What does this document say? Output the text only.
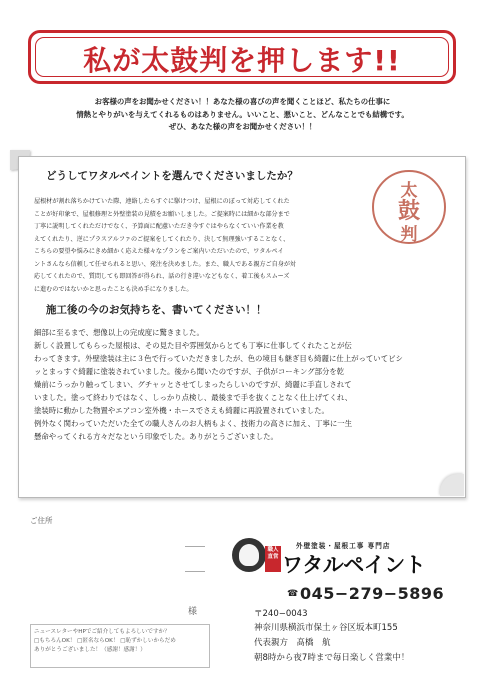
私が太鼓判を押します!!
お客様の声をお聞かせください！！あなた様の喜びの声を聞くことほど、私たちの仕事に
情熱とやりがいを与えてくれるものはありません。いいこと、悪いこと、どんなことでも結構です。
ぜひ、あなた様の声をお聞かせください！！
どうしてワタルペイントを選んでくださいましたか？
屋根材が割れ落ちかけていた際、連絡したらすぐに駆けつけ、屋根にのぼって対応してくれた
ことが好印象で、屋根修理と外壁塗装の見積をお願いしました。ご提案時には細かな部分まで
丁寧に説明してくれただけでなく、予算面に配慮いただき今すぐはやらなくていい作業を教
えてくれたり、逆にプラスアルファのご提案をしてくれたり、決して無理強いすることなく、
こちらの要望や悩みにきめ細かく応えた様々なプランをご案内いただいたので、ワタルペイ
ントさんなら信頼して任せられると思い、発注を決めました。また、職人である親方ご自身が対
応してくれたので、質問しても即回答が得られ、話の行き違いなどもなく、着工後もスムーズ
に進むのではないかと思ったことも決め手になりました。
太
鼓
判
施工後の今のお気持ちを、書いてください！！
細部に至るまで、想像以上の完成度に驚きました。
新しく設置してもらった屋根は、その見た目や雰囲気からとても丁寧に仕事してくれたことが伝
わってきます。外壁塗装は主に３色で行っていただきましたが、色の境目も継ぎ目も綺麗に仕上がっていてビシ
ッとまっすぐ綺麗に塗装されていました。後から聞いたのですが、子供がコーキング部分を乾
燥前にうっかり触ってしまい、グチャッとさせてしまったらしいのですが、綺麗に手直しされて
いました。塗って終わりではなく、しっかり点検し、最後まで手を抜くことなく仕上げてくれ、
塗装時に動かした物置やエアコン室外機・ホースでさえも綺麗に再設置されていました。
例外なく関わっていただいた全ての職人さんのお人柄もよく、技術力の高さに加え、丁寧に一生
懸命やってくれる方々だなという印象でした。ありがとうございました。
ご住所
様
ニュースレターやHPでご紹介してもよろしいですか？
□もちろんOK！ □匿名ならOK！ □恥ずかしいからだめ
ありがとうございました！（感謝！感謝！）
職人直営
外壁塗装・屋根工事 専門店
ワタルペイント
☎ 045−279−5896
〒240−0043
神奈川県横浜市保土ヶ谷区坂本町155
代表親方　髙橋　航
朝8時から夜7時まで毎日楽しく営業中！
